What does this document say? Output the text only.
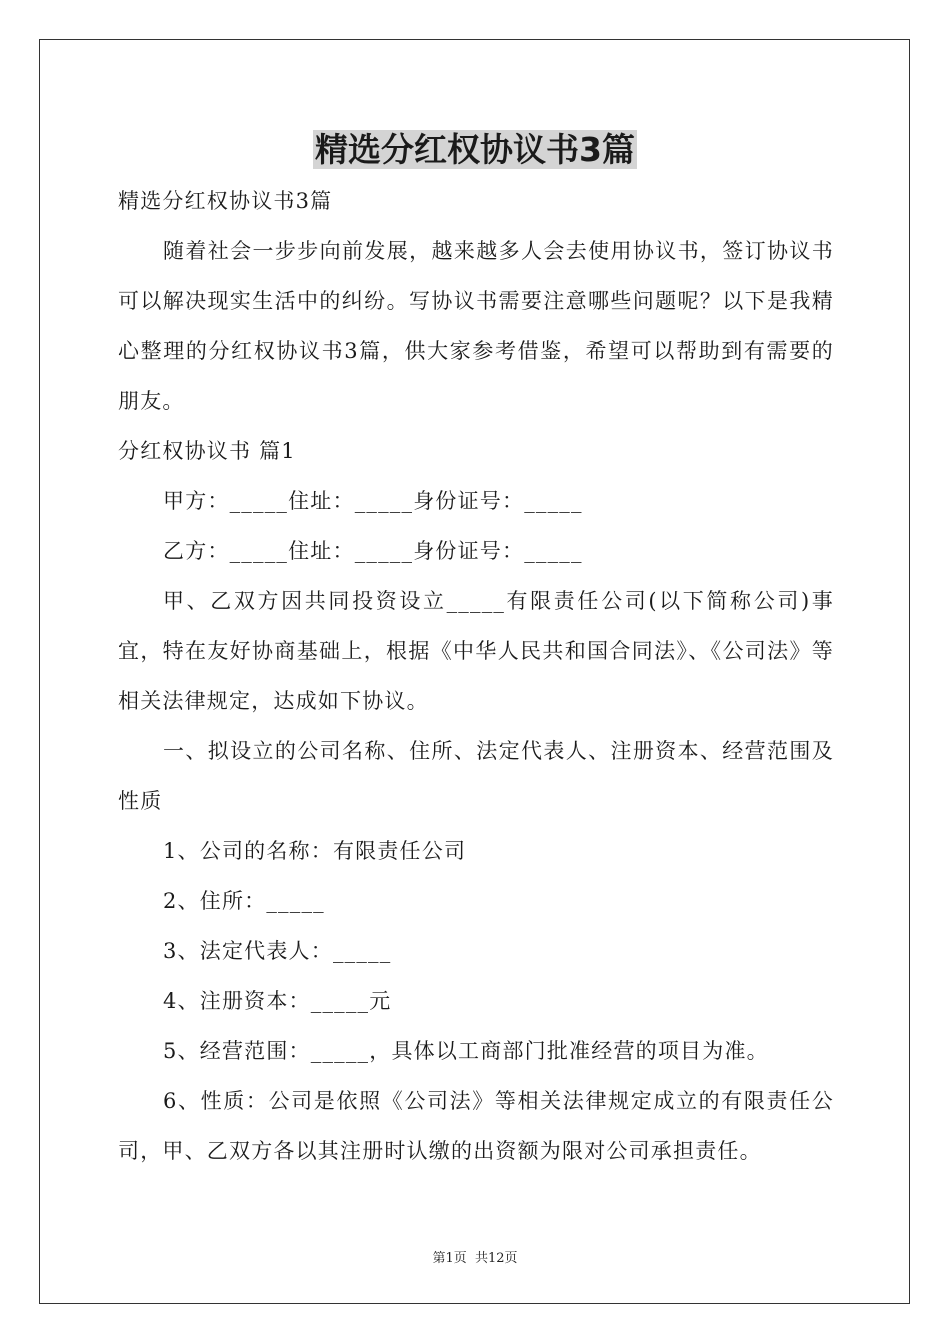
精选分红权协议书3篇

精选分红权协议书3篇

随着社会一步步向前发展，越来越多人会去使用协议书，签订协议书可以解决现实生活中的纠纷。写协议书需要注意哪些问题呢？以下是我精心整理的分红权协议书3篇，供大家参考借鉴，希望可以帮助到有需要的朋友。

分红权协议书 篇1

甲方：_____住址：_____身份证号：_____

乙方：_____住址：_____身份证号：_____

甲、乙双方因共同投资设立_____有限责任公司(以下简称公司)事宜，特在友好协商基础上，根据《中华人民共和国合同法》、《公司法》等相关法律规定，达成如下协议。

一、拟设立的公司名称、住所、法定代表人、注册资本、经营范围及性质

1、公司的名称：有限责任公司

2、住所：_____

3、法定代表人：_____

4、注册资本：_____元

5、经营范围：_____，具体以工商部门批准经营的项目为准。

6、性质：公司是依照《公司法》等相关法律规定成立的有限责任公司，甲、乙双方各以其注册时认缴的出资额为限对公司承担责任。

第1页 共12页
